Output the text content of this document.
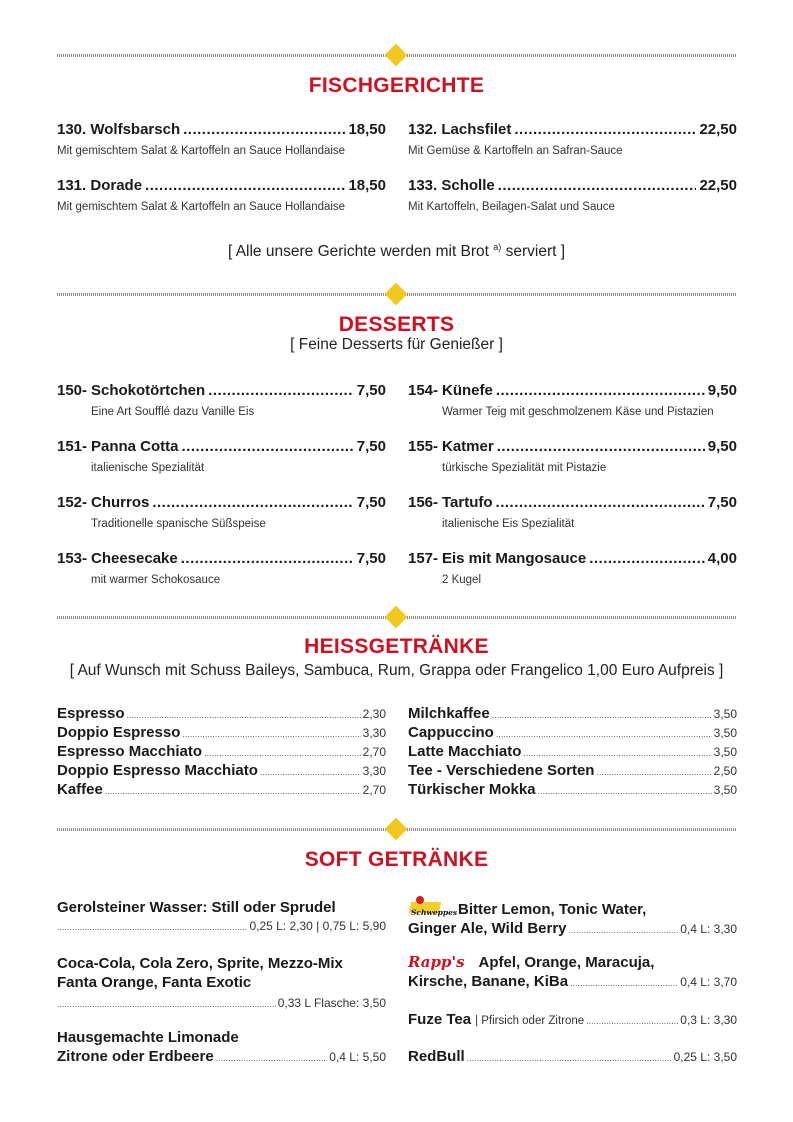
FISCHGERICHTE
130. Wolfsbarsch .....	18,50
Mit gemischtem Salat & Kartoffeln an Sauce Hollandaise
131. Dorade .....	18,50
Mit gemischtem Salat & Kartoffeln an Sauce Hollandaise
132. Lachsfilet .....	22,50
Mit Gemüse & Kartoffeln an Safran-Sauce
133. Scholle .....	22,50
Mit Kartoffeln, Beilagen-Salat und Sauce
[ Alle unsere Gerichte werden mit Brot $^{a)}$ serviert ]
DESSERTS
[ Feine Desserts für Genießer ]
150- Schokotörtchen .....	7,50
Eine Art Soufflé dazu Vanille Eis
151- Panna Cotta .....	7,50
italienische Spezialität
152- Churros .....	7,50
Traditionelle spanische Süßspeise
153- Cheesecake .....	7,50
mit warmer Schokosauce
154- Künefe .....	9,50
Warmer Teig mit geschmolzenem Käse und Pistazien
155- Katmer .....	9,50
türkische Spezialität mit Pistazie
156- Tartufo .....	7,50
italienische Eis Spezialität
157- Eis mit Mangosauce .....	4,00
2 Kugel
HEISSGETRÄNKE
[ Auf Wunsch mit Schuss Baileys, Sambuca, Rum, Grappa oder Frangelico 1,00 Euro Aufpreis ]
Espresso .....	2,30
Doppio Espresso .....	3,30
Espresso Macchiato .....	2,70
Doppio Espresso Macchiato .....	3,30
Kaffee .....	2,70
Milchkaffee .....	3,50
Cappuccino .....	3,50
Latte Macchiato .....	3,50
Tee - Verschiedene Sorten .....	2,50
Türkischer Mokka .....	3,50
SOFT GETRÄNKE
Gerolsteiner Wasser: Still oder Sprudel
.....
0,25 L: 2,30 | 0,75 L: 5,90
Coca-Cola, Cola Zero, Sprite, Mezzo-Mix
Fanta Orange, Fanta Exotic
.....
0,33 L Flasche: 3,50
Hausgemachte Limonade
Zitrone oder Erdbeere .....	0,4 L: 5,50
Schweppes Bitter Lemon, Tonic Water,
Ginger Ale, Wild Berry .....	0,4 L: 3,30
Rapp's Apfel, Orange, Maracuja,
Kirsche, Banane, KiBa .....	0,4 L: 3,70
Fuze Tea | Pfirsich oder Zitrone .....	0,3 L: 3,30
RedBull .....	0,25 L: 3,50
